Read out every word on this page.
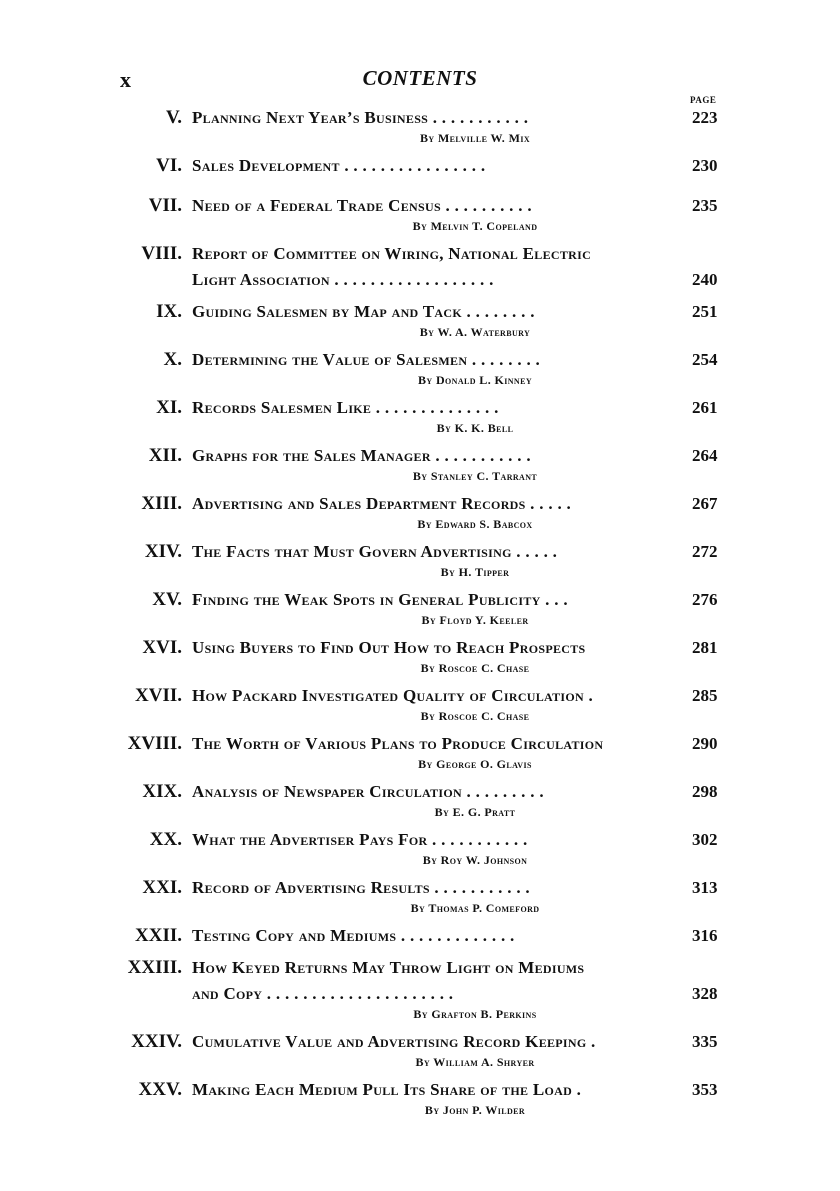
x	CONTENTS
PAGE
V. Planning Next Year’s Business . . . . . . . . . . .	223
By Melville W. Mix
VI. Sales Development . . . . . . . . . . . . . . . .	230
VII. Need of a Federal Trade Census . . . . . . . . . .	235
By Melvin T. Copeland
VIII. Report of Committee on Wiring, National Electric
Light Association . . . . . . . . . . . . . . . . . .	240
IX. Guiding Salesmen by Map and Tack . . . . . . . .	251
By W. A. Waterbury
X. Determining the Value of Salesmen . . . . . . . .	254
By Donald L. Kinney
XI. Records Salesmen Like . . . . . . . . . . . . . .	261
By K. K. Bell
XII. Graphs for the Sales Manager . . . . . . . . . . .	264
By Stanley C. Tarrant
XIII. Advertising and Sales Department Records . . . . .	267
By Edward S. Babcox
XIV. The Facts that Must Govern Advertising . . . . .	272
By H. Tipper
XV. Finding the Weak Spots in General Publicity . . .	276
By Floyd Y. Keeler
XVI. Using Buyers to Find Out How to Reach Prospects	281
By Roscoe C. Chase
XVII. How Packard Investigated Quality of Circulation .	285
By Roscoe C. Chase
XVIII. The Worth of Various Plans to Produce Circulation	290
By George O. Glavis
XIX. Analysis of Newspaper Circulation . . . . . . . . .	298
By E. G. Pratt
XX. What the Advertiser Pays For . . . . . . . . . . .	302
By Roy W. Johnson
XXI. Record of Advertising Results . . . . . . . . . . .	313
By Thomas P. Comeford
XXII. Testing Copy and Mediums . . . . . . . . . . . . .	316
XXIII. How Keyed Returns May Throw Light on Mediums
and Copy . . . . . . . . . . . . . . . . . . . . .	328
By Grafton B. Perkins
XXIV. Cumulative Value and Advertising Record Keeping .	335
By William A. Shryer
XXV. Making Each Medium Pull Its Share of the Load .	353
By John P. Wilder
